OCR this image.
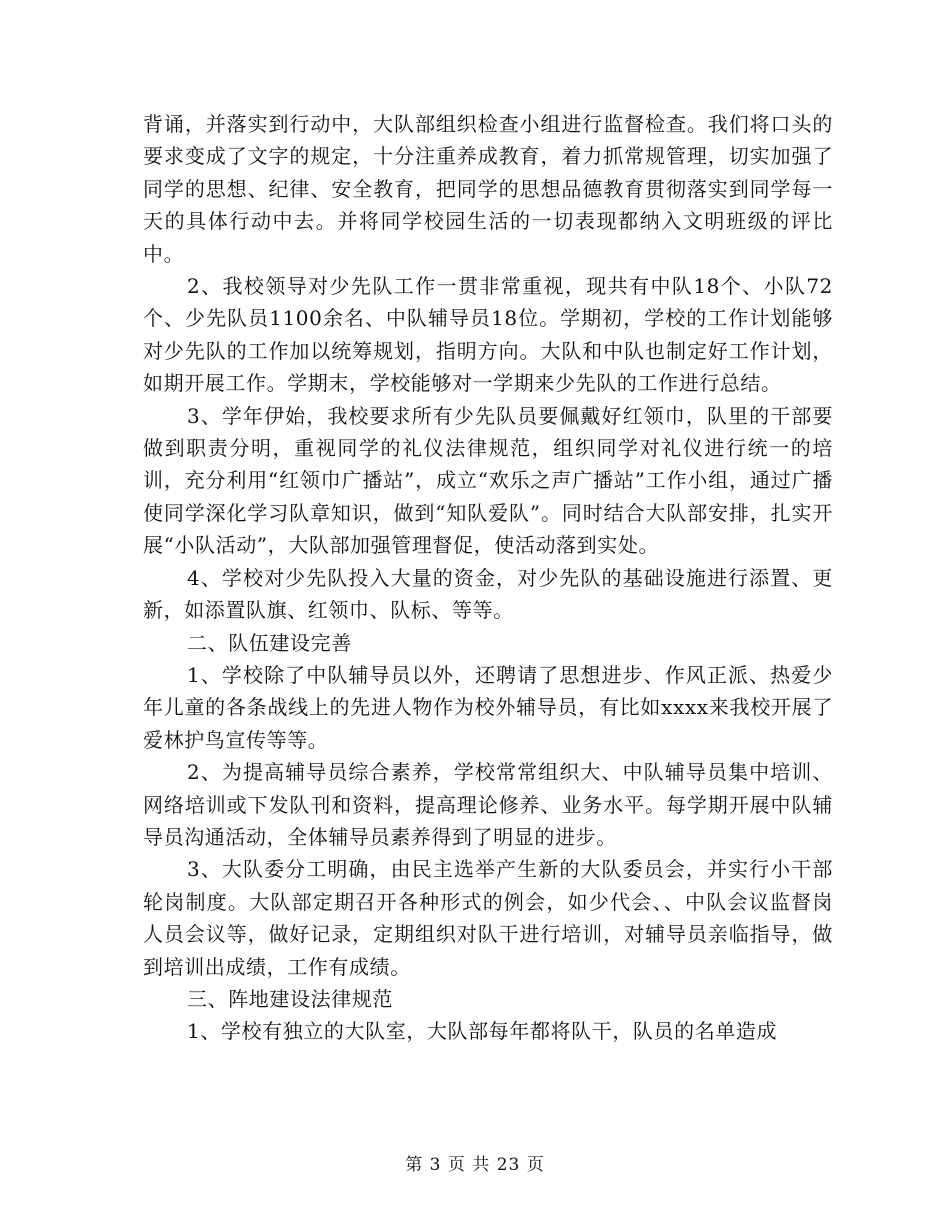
背诵，并落实到行动中，大队部组织检查小组进行监督检查。我们将口头的要求变成了文字的规定，十分注重养成教育，着力抓常规管理，切实加强了同学的思想、纪律、安全教育，把同学的思想品德教育贯彻落实到同学每一天的具体行动中去。并将同学校园生活的一切表现都纳入文明班级的评比中。

2、我校领导对少先队工作一贯非常重视，现共有中队18个、小队72个、少先队员1100余名、中队辅导员18位。学期初，学校的工作计划能够对少先队的工作加以统筹规划，指明方向。大队和中队也制定好工作计划，如期开展工作。学期末，学校能够对一学期来少先队的工作进行总结。

3、学年伊始，我校要求所有少先队员要佩戴好红领巾，队里的干部要做到职责分明，重视同学的礼仪法律规范，组织同学对礼仪进行统一的培训，充分利用“红领巾广播站”，成立“欢乐之声广播站”工作小组，通过广播使同学深化学习队章知识，做到“知队爱队”。同时结合大队部安排，扎实开展“小队活动”，大队部加强管理督促，使活动落到实处。

4、学校对少先队投入大量的资金，对少先队的基础设施进行添置、更新，如添置队旗、红领巾、队标、等等。

二、队伍建设完善

1、学校除了中队辅导员以外，还聘请了思想进步、作风正派、热爱少年儿童的各条战线上的先进人物作为校外辅导员，有比如xxxx来我校开展了爱林护鸟宣传等等。

2、为提高辅导员综合素养，学校常常组织大、中队辅导员集中培训、网络培训或下发队刊和资料，提高理论修养、业务水平。每学期开展中队辅导员沟通活动，全体辅导员素养得到了明显的进步。

3、大队委分工明确，由民主选举产生新的大队委员会，并实行小干部轮岗制度。大队部定期召开各种形式的例会，如少代会、、中队会议监督岗人员会议等，做好记录，定期组织对队干进行培训，对辅导员亲临指导，做到培训出成绩，工作有成绩。

三、阵地建设法律规范

1、学校有独立的大队室，大队部每年都将队干，队员的名单造成

第 3 页 共 23 页
